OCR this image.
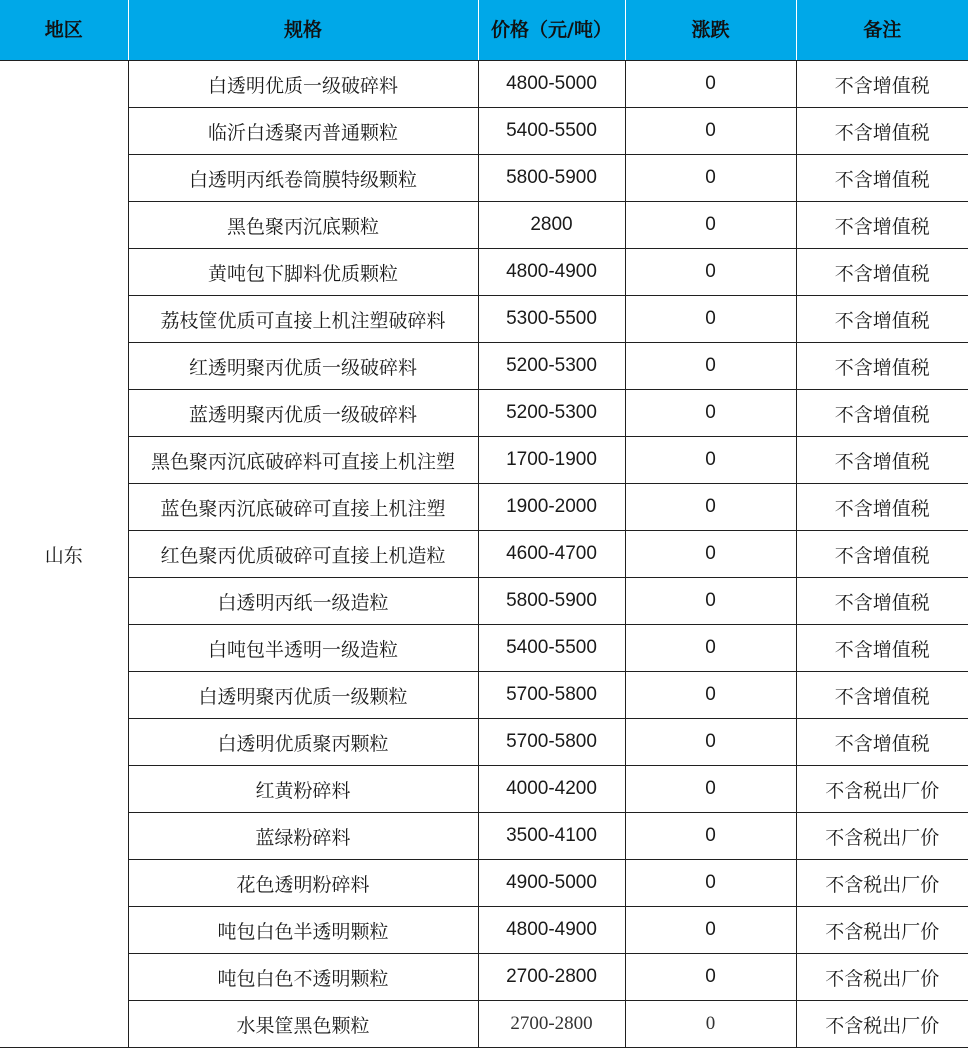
地区	规格	价格（元/吨）	涨跌	备注
山东	白透明优质一级破碎料	4800-5000	0	不含增值税
	临沂白透聚丙普通颗粒	5400-5500	0	不含增值税
	白透明丙纸卷筒膜特级颗粒	5800-5900	0	不含增值税
	黑色聚丙沉底颗粒	2800	0	不含增值税
	黄吨包下脚料优质颗粒	4800-4900	0	不含增值税
	荔枝筐优质可直接上机注塑破碎料	5300-5500	0	不含增值税
	红透明聚丙优质一级破碎料	5200-5300	0	不含增值税
	蓝透明聚丙优质一级破碎料	5200-5300	0	不含增值税
	黑色聚丙沉底破碎料可直接上机注塑	1700-1900	0	不含增值税
	蓝色聚丙沉底破碎可直接上机注塑	1900-2000	0	不含增值税
	红色聚丙优质破碎可直接上机造粒	4600-4700	0	不含增值税
	白透明丙纸一级造粒	5800-5900	0	不含增值税
	白吨包半透明一级造粒	5400-5500	0	不含增值税
	白透明聚丙优质一级颗粒	5700-5800	0	不含增值税
	白透明优质聚丙颗粒	5700-5800	0	不含增值税
	红黄粉碎料	4000-4200	0	不含税出厂价
	蓝绿粉碎料	3500-4100	0	不含税出厂价
	花色透明粉碎料	4900-5000	0	不含税出厂价
	吨包白色半透明颗粒	4800-4900	0	不含税出厂价
	吨包白色不透明颗粒	2700-2800	0	不含税出厂价
	水果筐黑色颗粒	2700-2800	0	不含税出厂价
